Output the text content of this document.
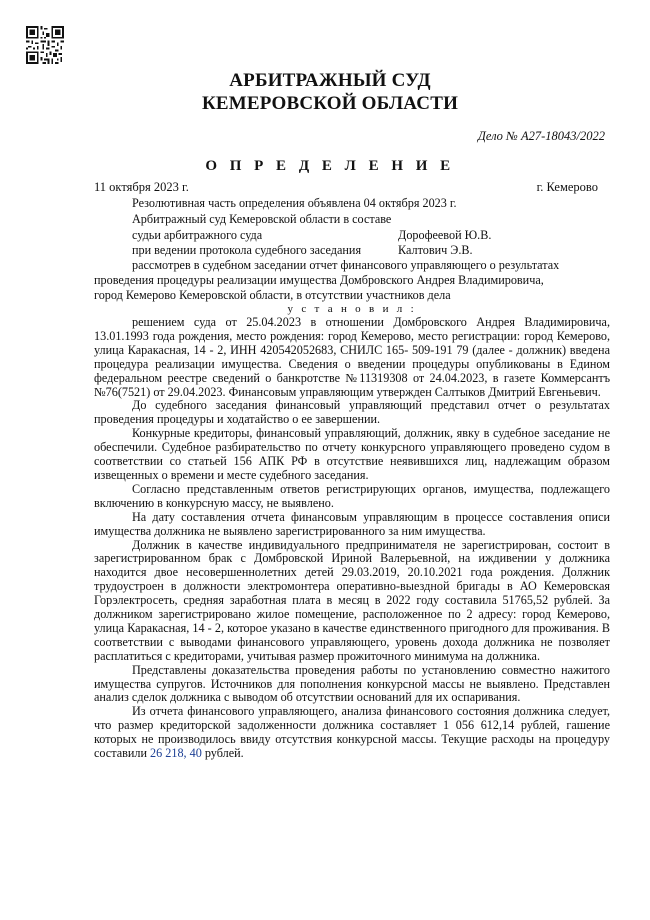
АРБИТРАЖНЫЙ СУД
КЕМЕРОВСКОЙ ОБЛАСТИ
Дело № А27-18043/2022
О П Р Е Д Е Л Е Н И Е
11 октября 2023 г.	г. Кемерово
Резолютивная часть определения объявлена 04 октября 2023 г.
Арбитражный суд Кемеровской области в составе
судьи арбитражного суда	Дорофеевой Ю.В.
при ведении протокола судебного заседания	Калтович Э.В.
рассмотрев в судебном заседании отчет финансового управляющего о результатах
проведения процедуры реализации имущества Домбровского Андрея Владимировича,
город Кемерово Кемеровской области, в отсутствии участников дела
у с т а н о в и л :

решением суда от 25.04.2023 в отношении Домбровского Андрея Владимировича, 13.01.1993 года рождения, место рождения: город Кемерово, место регистрации: город Кемерово, улица Каракасная, 14 - 2, ИНН 420542052683, СНИЛС 165- 509-191 79 (далее - должник) введена процедура реализации имущества. Сведения о введении процедуры опубликованы в Едином федеральном реестре сведений о банкротстве №11319308 от 24.04.2023, в газете Коммерсантъ №76(7521) от 29.04.2023. Финансовым управляющим утвержден Салтыков Дмитрий Евгеньевич.

До судебного заседания финансовый управляющий представил отчет о результатах проведения процедуры и ходатайство о ее завершении.

Конкурные кредиторы, финансовый управляющий, должник, явку в судебное заседание не обеспечили. Судебное разбирательство по отчету конкурсного управляющего проведено судом в соответствии со статьей 156 АПК РФ в отсутствие неявившихся лиц, надлежащим образом извещенных о времени и месте судебного заседания.

Согласно представленным ответов регистрирующих органов, имущества, подлежащего включению в конкурсную массу, не выявлено.

На дату составления отчета финансовым управляющим в процессе составления описи имущества должника не выявлено зарегистрированного за ним имущества.

Должник в качестве индивидуального предпринимателя не зарегистрирован, состоит в зарегистрированном брак с Домбровской Ириной Валерьевной, на иждивении у должника находится двое несовершеннолетних детей 29.03.2019, 20.10.2021 года рождения. Должник трудоустроен в должности электромонтера оперативно-выездной бригады в АО Кемеровская Горэлектросеть, средняя заработная плата в месяц в 2022 году составила 51765,52 рублей. За должником зарегистрировано жилое помещение, расположенное по 2 адресу: город Кемерово, улица Каракасная, 14 - 2, которое указано в качестве единственного пригодного для проживания. В соответствии с выводами финансового управляющего, уровень дохода должника не позволяет расплатиться с кредиторами, учитывая размер прожиточного минимума на должника.

Представлены доказательства проведения работы по установлению совместно нажитого имущества супругов. Источников для пополнения конкурсной массы не выявлено. Представлен анализ сделок должника с выводом об отсутствии оснований для их оспаривания.

Из отчета финансового управляющего, анализа финансового состояния должника следует, что размер кредиторской задолженности должника составляет 1 056 612,14 рублей, гашение которых не производилось ввиду отсутствия конкурсной массы. Текущие расходы на процедуру составили 26 218, 40 рублей.
